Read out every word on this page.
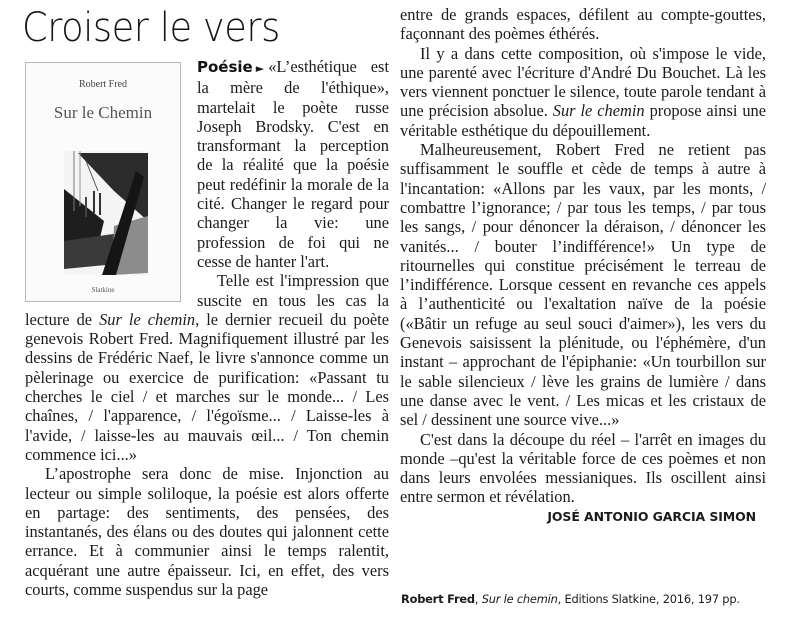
Croiser le vers
Robert Fred
Sur le Chemin
Slatkine

Poésie ► «L’esthétique est la mère de l'éthique», martelait le poète russe Joseph Brodsky. C'est en transformant la perception de la réalité que la poésie peut redéfinir la morale de la cité. Changer le regard pour changer la vie: une profession de foi qui ne cesse de hanter l'art.

Telle est l'impression que suscite en tous les cas la lecture de Sur le chemin, le dernier recueil du poète genevois Robert Fred. Magnifiquement illustré par les dessins de Frédéric Naef, le livre s'annonce comme un pèlerinage ou exercice de purification: «Passant tu cherches le ciel / et marches sur le monde... / Les chaînes, / l'apparence, / l'égoïsme... / Laisse-les à l'avide, / laisse-les au mauvais œil... / Ton chemin commence ici...»

L’apostrophe sera donc de mise. Injonction au lecteur ou simple soliloque, la poésie est alors offerte en partage: des sentiments, des pensées, des instantanés, des élans ou des doutes qui jalonnent cette errance. Et à communier ainsi le temps ralentit, acquérant une autre épaisseur. Ici, en effet, des vers courts, comme suspendus sur la page

entre de grands espaces, défilent au compte-gouttes, façonnant des poèmes éthérés.

Il y a dans cette composition, où s'impose le vide, une parenté avec l'écriture d'André Du Bouchet. Là les vers viennent ponctuer le silence, toute parole tendant à une précision absolue. Sur le chemin propose ainsi une véritable esthétique du dépouillement.

Malheureusement, Robert Fred ne retient pas suffisamment le souffle et cède de temps à autre à l'incantation: «Allons par les vaux, par les monts, / combattre l’ignorance; / par tous les temps, / par tous les sangs, / pour dénoncer la déraison, / dénoncer les vanités... / bouter l’indifférence!» Un type de ritournelles qui constitue précisément le terreau de l’indifférence. Lorsque cessent en revanche ces appels à l’authenticité ou l'exaltation naïve de la poésie («Bâtir un refuge au seul souci d'aimer»), les vers du Genevois saisissent la plénitude, ou l'éphémère, d'un instant – approchant de l'épiphanie: «Un tourbillon sur le sable silencieux / lève les grains de lumière / dans une danse avec le vent. / Les micas et les cristaux de sel / dessinent une source vive...»

C'est dans la découpe du réel – l'arrêt en images du monde –qu'est la véritable force de ces poèmes et non dans leurs envolées messianiques. Ils oscillent ainsi entre sermon et révélation.

JOSÉ ANTONIO GARCIA SIMON
Robert Fred, Sur le chemin, Editions Slatkine, 2016, 197 pp.
